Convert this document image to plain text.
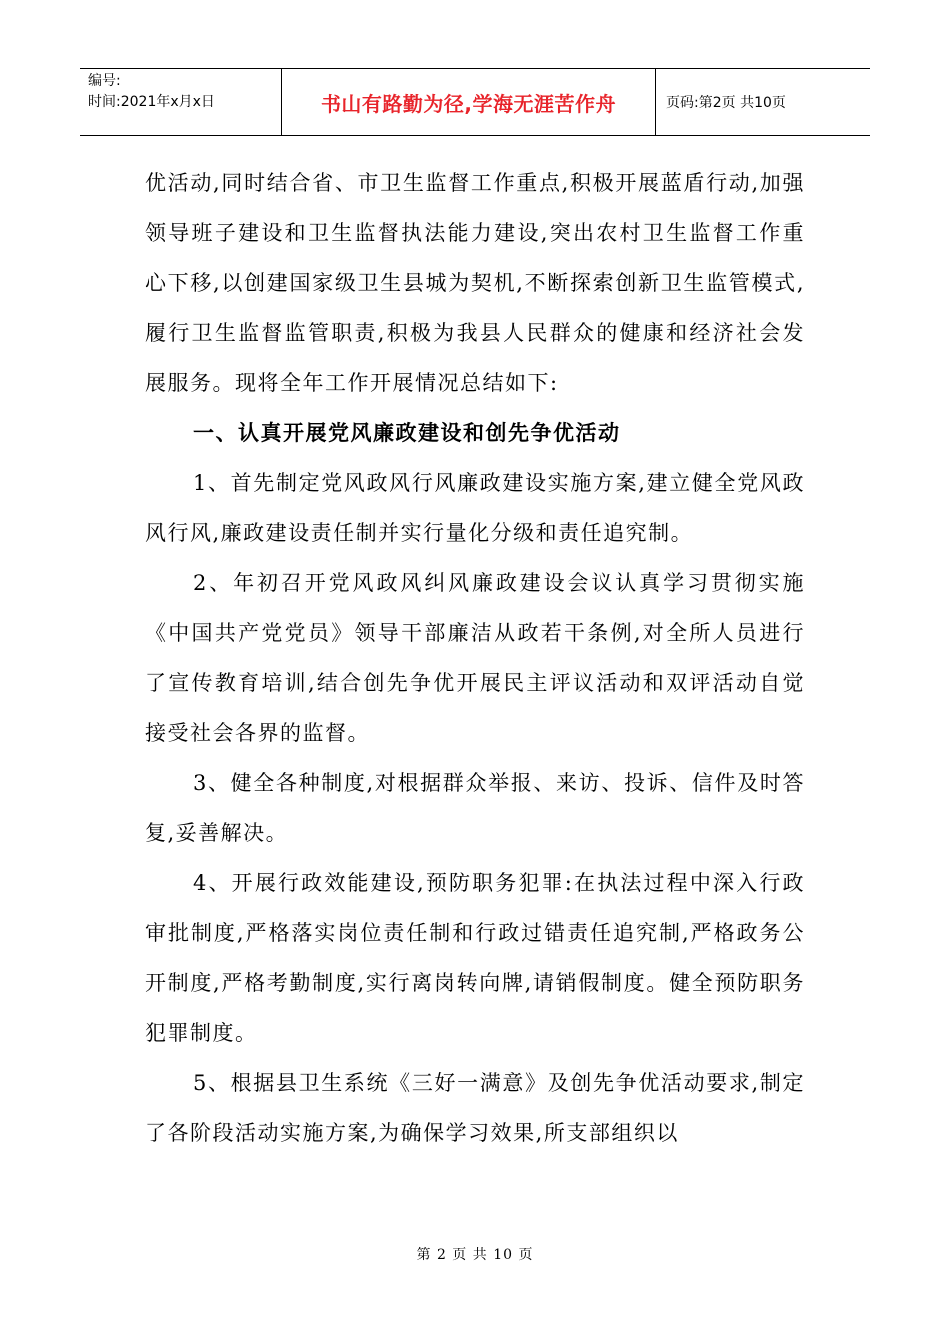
编号:
时间:2021年x月x日	书山有路勤为径,学海无涯苦作舟	页码:第2页 共10页

优活动,同时结合省、市卫生监督工作重点,积极开展蓝盾行动,加强领导班子建设和卫生监督执法能力建设,突出农村卫生监督工作重心下移,以创建国家级卫生县城为契机,不断探索创新卫生监管模式,履行卫生监督监管职责,积极为我县人民群众的健康和经济社会发展服务。现将全年工作开展情况总结如下:

一、认真开展党风廉政建设和创先争优活动

1、首先制定党风政风行风廉政建设实施方案,建立健全党风政风行风,廉政建设责任制并实行量化分级和责任追究制。

2、年初召开党风政风纠风廉政建设会议认真学习贯彻实施《中国共产党党员》领导干部廉洁从政若干条例,对全所人员进行了宣传教育培训,结合创先争优开展民主评议活动和双评活动自觉接受社会各界的监督。

3、健全各种制度,对根据群众举报、来访、投诉、信件及时答复,妥善解决。

4、开展行政效能建设,预防职务犯罪:在执法过程中深入行政审批制度,严格落实岗位责任制和行政过错责任追究制,严格政务公开制度,严格考勤制度,实行离岗转向牌,请销假制度。健全预防职务犯罪制度。

5、根据县卫生系统《三好一满意》及创先争优活动要求,制定了各阶段活动实施方案,为确保学习效果,所支部组织以

第 2 页 共 10 页
